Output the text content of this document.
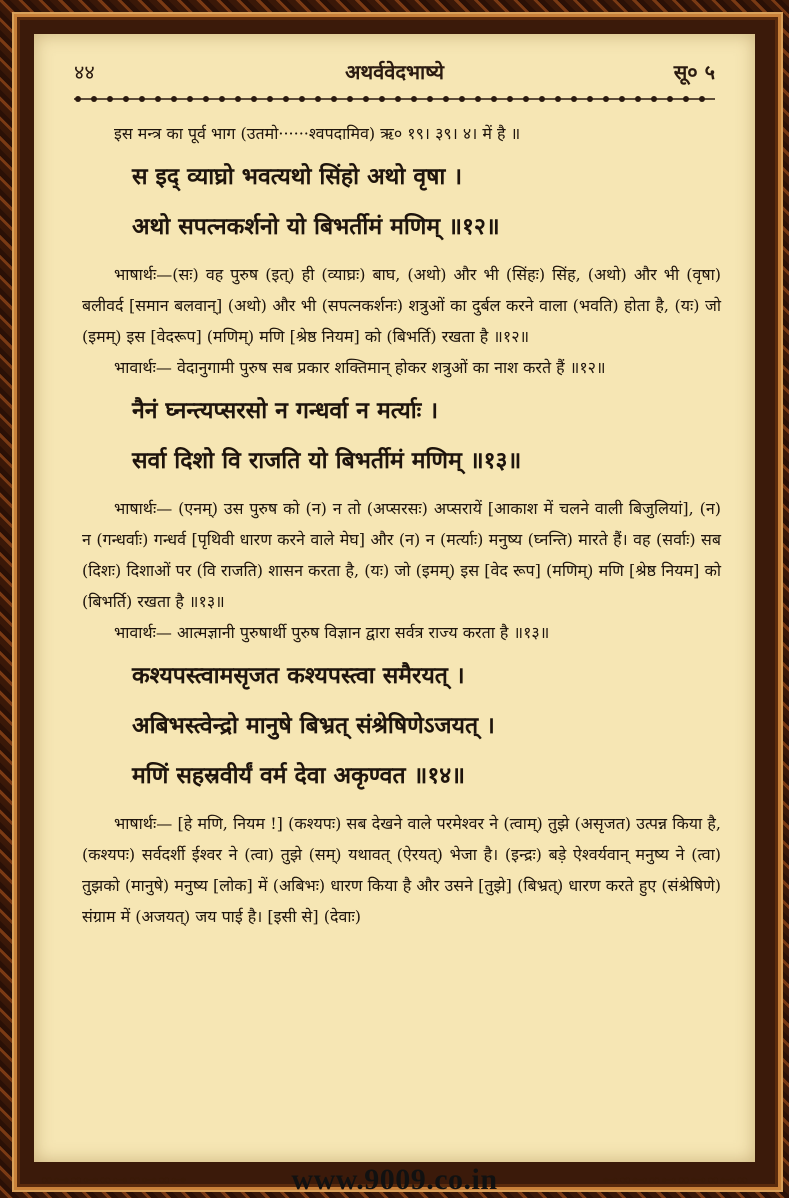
४४	अथर्ववेदभाष्ये	सू० ५

इस मन्त्र का पूर्व भाग (उतमो······श्वपदामिव) ऋ० १९। ३९। ४। में है ॥

स इद् व्याघ्रो भवत्यथो सिंहो अथो वृषा ।
अथो सपत्नकर्शनो यो बिभर्तीमं मणिम् ॥१२॥

भाषार्थः—(सः) वह पुरुष (इत्) ही (व्याघ्रः) बाघ, (अथो) और भी (सिंहः) सिंह, (अथो) और भी (वृषा) बलीवर्द [समान बलवान्] (अथो) और भी (सपत्नकर्शनः) शत्रुओं का दुर्बल करने वाला (भवति) होता है, (यः) जो (इमम्) इस [वेदरूप] (मणिम्) मणि [श्रेष्ठ नियम] को (बिभर्ति) रखता है ॥१२॥

भावार्थः— वेदानुगामी पुरुष सब प्रकार शक्तिमान् होकर शत्रुओं का नाश करते हैं ॥१२॥

नैनं घ्नन्त्यप्सरसो न गन्धर्वा न मर्त्याः ।
सर्वा दिशो वि राजति यो बिभर्तीमं मणिम् ॥१३॥

भाषार्थः— (एनम्) उस पुरुष को (न) न तो (अप्सरसः) अप्सरायें [आकाश में चलने वाली बिजुलियां], (न) न (गन्धर्वाः) गन्धर्व [पृथिवी धारण करने वाले मेघ] और (न) न (मर्त्याः) मनुष्य (घ्नन्ति) मारते हैं। वह (सर्वाः) सब (दिशः) दिशाओं पर (वि राजति) शासन करता है, (यः) जो (इमम्) इस [वेद रूप] (मणिम्) मणि [श्रेष्ठ नियम] को (बिभर्ति) रखता है ॥१३॥

भावार्थः— आत्मज्ञानी पुरुषार्थी पुरुष विज्ञान द्वारा सर्वत्र राज्य करता है ॥१३॥

कश्यपस्त्वामसृजत कश्यपस्त्वा समैरयत् ।
अबिभस्त्वेन्द्रो मानुषे बिभ्रत् संश्रेषिणेऽजयत् ।
मणिं सहस्रवीर्यं वर्म देवा अकृण्वत ॥१४॥

भाषार्थः— [हे मणि, नियम !] (कश्यपः) सब देखने वाले परमेश्वर ने (त्वाम्) तुझे (असृजत) उत्पन्न किया है, (कश्यपः) सर्वदर्शी ईश्वर ने (त्वा) तुझे (सम्) यथावत् (ऐरयत्) भेजा है। (इन्द्रः) बड़े ऐश्वर्यवान् मनुष्य ने (त्वा) तुझको (मानुषे) मनुष्य [लोक] में (अबिभः) धारण किया है और उसने [तुझे] (बिभ्रत्) धारण करते हुए (संश्रेषिणे) संग्राम में (अजयत्) जय पाई है। [इसी से] (देवाः)

∞⊶∞⊶∞⊶∞⊶∞⊶	www.9009.co.in	⊷∞⊷∞⊷∞⊷∞⊷∞
